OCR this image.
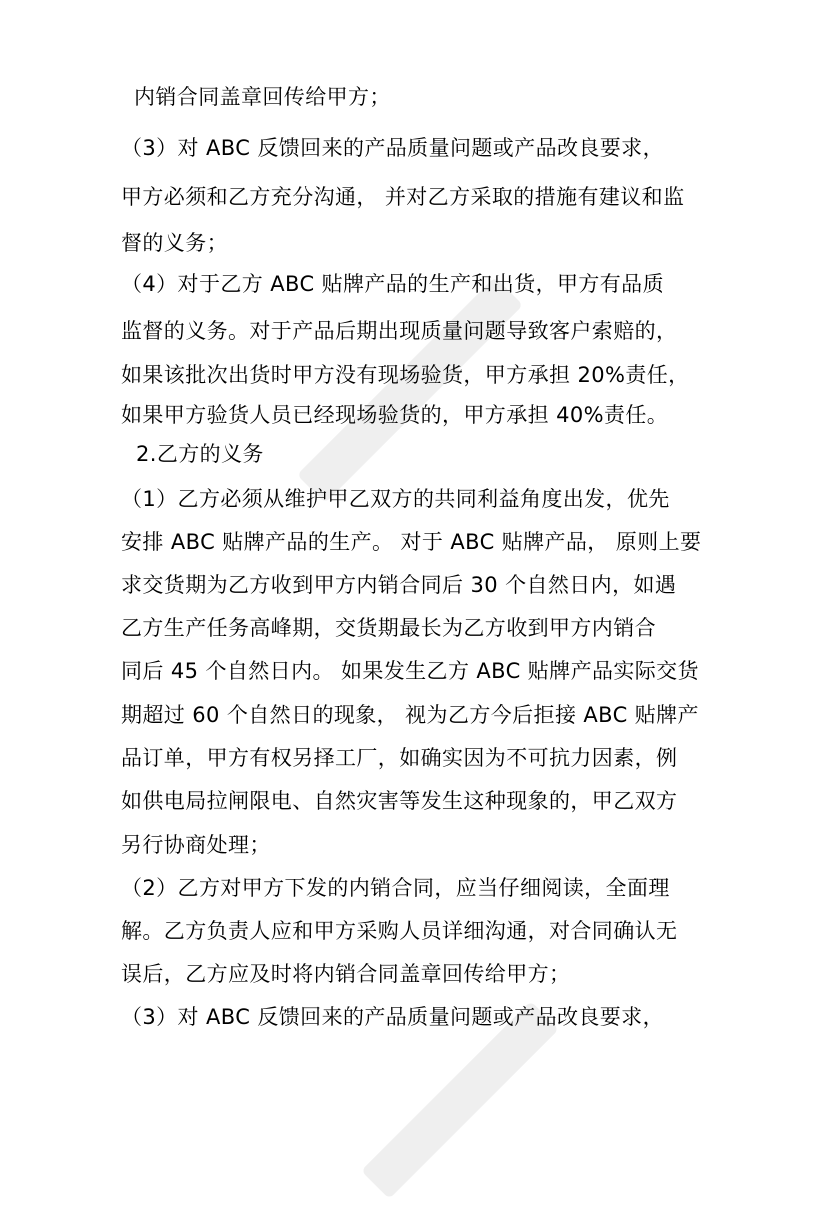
内销合同盖章回传给甲方；
（3）对 ABC 反馈回来的产品质量问题或产品改良要求，
甲方必须和乙方充分沟通， 并对乙方采取的措施有建议和监
督的义务；
（4）对于乙方 ABC 贴牌产品的生产和出货，甲方有品质
监督的义务。对于产品后期出现质量问题导致客户索赔的，
如果该批次出货时甲方没有现场验货，甲方承担 20%责任，
如果甲方验货人员已经现场验货的，甲方承担 40%责任。
2.乙方的义务
（1）乙方必须从维护甲乙双方的共同利益角度出发，优先
安排 ABC 贴牌产品的生产。 对于 ABC 贴牌产品， 原则上要
求交货期为乙方收到甲方内销合同后 30 个自然日内，如遇
乙方生产任务高峰期，交货期最长为乙方收到甲方内销合
同后 45 个自然日内。 如果发生乙方 ABC 贴牌产品实际交货
期超过 60 个自然日的现象， 视为乙方今后拒接 ABC 贴牌产
品订单，甲方有权另择工厂，如确实因为不可抗力因素，例
如供电局拉闸限电、自然灾害等发生这种现象的，甲乙双方
另行协商处理；
（2）乙方对甲方下发的内销合同，应当仔细阅读，全面理
解。乙方负责人应和甲方采购人员详细沟通，对合同确认无
误后，乙方应及时将内销合同盖章回传给甲方；
（3）对 ABC 反馈回来的产品质量问题或产品改良要求，
